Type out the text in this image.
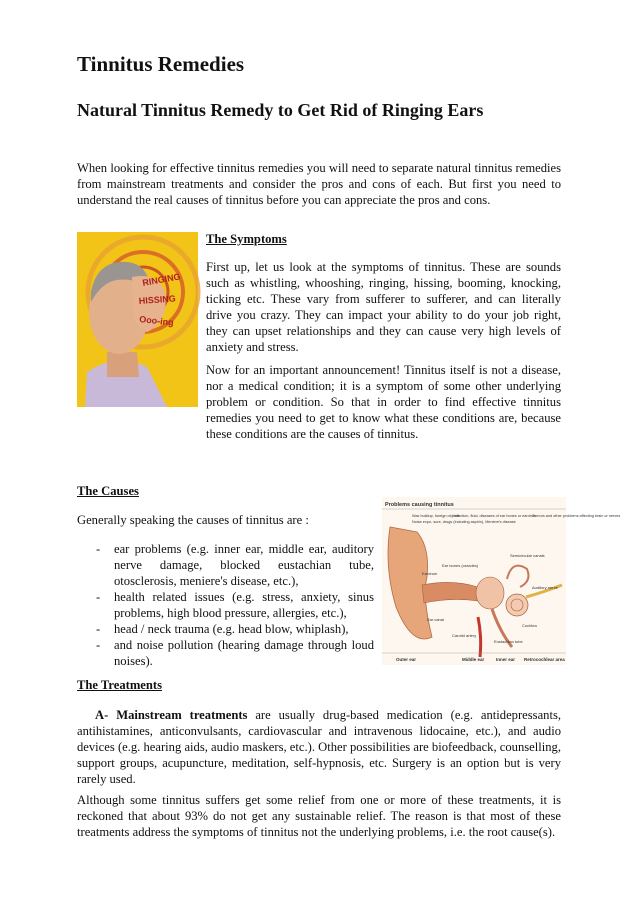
Tinnitus Remedies
Natural Tinnitus Remedy to Get Rid of Ringing Ears

When looking for effective tinnitus remedies you will need to separate natural tinnitus remedies from mainstream treatments and consider the pros and cons of each. But first you need to understand the real causes of tinnitus before you can appreciate the pros and cons.

RINGING
HISSING
Ooo-ing

The Symptoms

First up, let us look at the symptoms of tinnitus. These are sounds such as whistling, whooshing, ringing, hissing, booming, knocking, ticking etc. These vary from sufferer to sufferer, and can literally drive you crazy. They can impact your ability to do your job right, they can upset relationships and they can cause very high levels of anxiety and stress.

Now for an important announcement! Tinnitus itself is not a disease, nor a medical condition; it is a symptom of some other underlying problem or condition. So that in order to find effective tinnitus remedies you need to get to know what these conditions are, because these conditions are the causes of tinnitus.

The Causes

Generally speaking the causes of tinnitus are :

- ear problems (e.g. inner ear, middle ear, auditory nerve damage, blocked eustachian tube, otosclerosis, meniere's disease, etc.),
- health related issues (e.g. stress, anxiety, sinus problems, high blood pressure, allergies, etc.),
- head / neck trauma (e.g. head blow, whiplash),
- and noise pollution (hearing damage through loud noises).
Problems causing tinnitus
Wax buildup, foreign objects
Infection, fluid, diseases of ear bones or eardrum
Noise expo- sure, drugs (including aspirin), Meniere's disease
Tumors and other problems affecting brain or nerves
Ear bones (ossicles)
Eardrum
Semicircular canals
Auditory nerve
Cochlea
Ear canal
Carotid artery
Eustachian tube
Outer ear	Middle ear	Inner ear Retrocochlear area

The Treatments

A- Mainstream treatments are usually drug-based medication (e.g. antidepressants, antihistamines, anticonvulsants, cardiovascular and intravenous lidocaine, etc.), and audio devices (e.g. hearing aids, audio maskers, etc.). Other possibilities are biofeedback, counselling, support groups, acupuncture, meditation, self-hypnosis, etc. Surgery is an option but is very rarely used.

Although some tinnitus suffers get some relief from one or more of these treatments, it is reckoned that about 93% do not get any sustainable relief. The reason is that most of these treatments address the symptoms of tinnitus not the underlying problems, i.e. the root cause(s).
